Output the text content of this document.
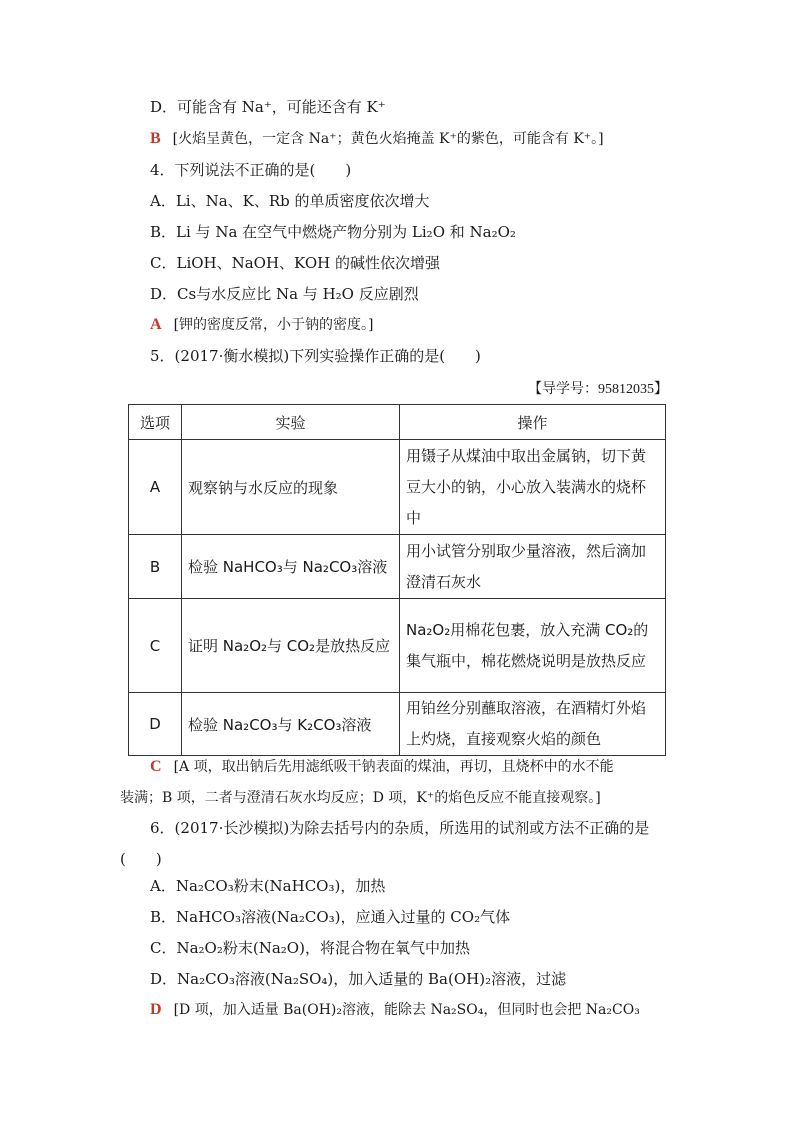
D．可能含有 Na⁺，可能还含有 K⁺
B [火焰呈黄色，一定含 Na⁺；黄色火焰掩盖 K⁺的紫色，可能含有 K⁺。]
4．下列说法不正确的是(　　)
A．Li、Na、K、Rb 的单质密度依次增大
B．Li 与 Na 在空气中燃烧产物分别为 Li₂O 和 Na₂O₂
C．LiOH、NaOH、KOH 的碱性依次增强
D．Cs与水反应比 Na 与 H₂O 反应剧烈
A [钾的密度反常，小于钠的密度。]
5．(2017·衡水模拟)下列实验操作正确的是(　　)
【导学号：95812035】
选项	实验	操作
A	观察钠与水反应的现象	用镊子从煤油中取出金属钠，切下黄豆大小的钠，小心放入装满水的烧杯中
B	检验 NaHCO₃与 Na₂CO₃溶液	用小试管分别取少量溶液，然后滴加澄清石灰水
C	证明 Na₂O₂与 CO₂是放热反应	Na₂O₂用棉花包裹，放入充满 CO₂的集气瓶中，棉花燃烧说明是放热反应
D	检验 Na₂CO₃与 K₂CO₃溶液	用铂丝分别蘸取溶液，在酒精灯外焰上灼烧，直接观察火焰的颜色
C [A 项，取出钠后先用滤纸吸干钠表面的煤油，再切，且烧杯中的水不能
装满；B 项，二者与澄清石灰水均反应；D 项，K⁺的焰色反应不能直接观察。]
6．(2017·长沙模拟)为除去括号内的杂质，所选用的试剂或方法不正确的是
(　　)
A．Na₂CO₃粉末(NaHCO₃)，加热
B．NaHCO₃溶液(Na₂CO₃)，应通入过量的 CO₂气体
C．Na₂O₂粉末(Na₂O)，将混合物在氧气中加热
D．Na₂CO₃溶液(Na₂SO₄)，加入适量的 Ba(OH)₂溶液，过滤
D [D 项，加入适量 Ba(OH)₂溶液，能除去 Na₂SO₄，但同时也会把 Na₂CO₃
